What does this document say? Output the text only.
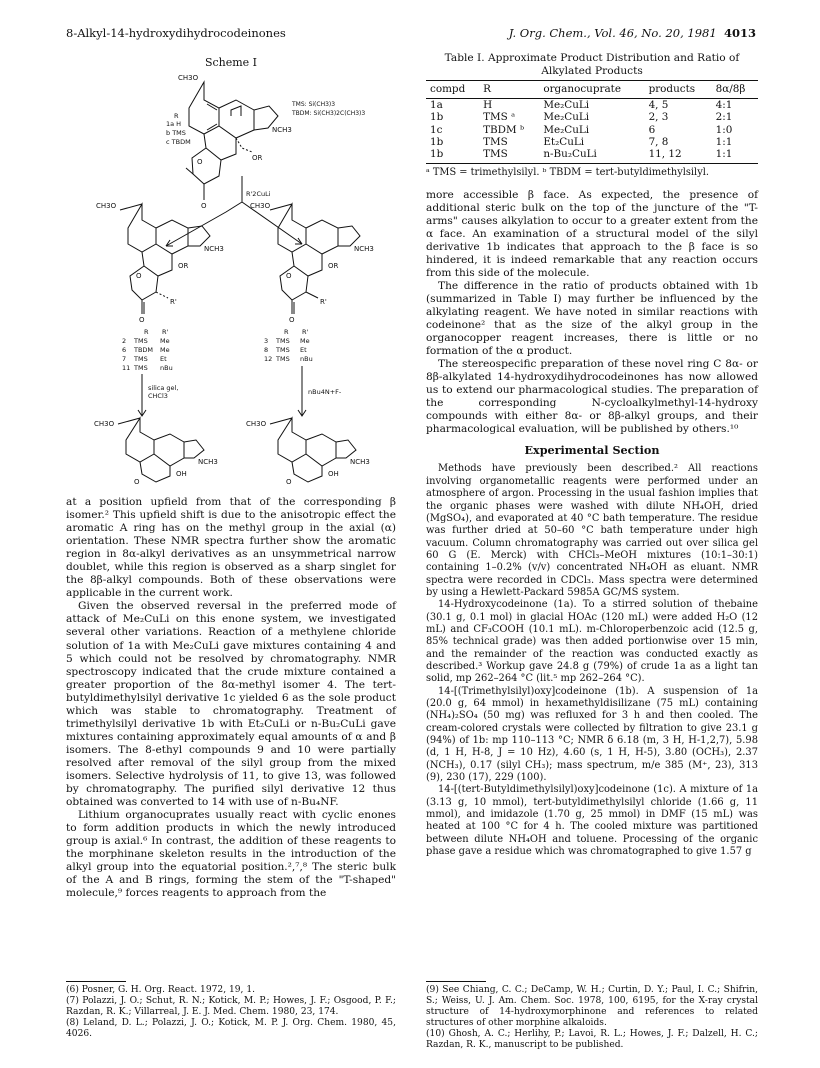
8-Alkyl-14-hydroxydihydrocodeinones	J. Org. Chem., Vol. 46, No. 20, 1981 4013
Scheme I
CH3O
R
1a H
b TMS
c TBDM
O
NCH3
OR
O
TMS: Si(CH3)3
TBDM: Si(CH3)2C(CH3)3
R'2CuLi
CH3O
O
NCH3
OR
O
R'
R R'
2 TMS Me
6 TBDM Me
7 TMS Et
11 TMS nBu
CH3O
O
NCH3
OR
O
R'
R R'
3 TMS Me
8 TMS Et
12 TMS nBu
silica gel,
CHCl3	nBu4N+F-
CH3O
O
NCH3
OH
CH3O
O
NCH3
OH

at a position upfield from that of the corresponding β isomer.² This upfield shift is due to the anisotropic effect the aromatic A ring has on the methyl group in the axial (α) orientation. These NMR spectra further show the aromatic region in 8α-alkyl derivatives as an unsymmetrical narrow doublet, while this region is observed as a sharp singlet for the 8β-alkyl compounds. Both of these observations were applicable in the current work.

Given the observed reversal in the preferred mode of attack of Me₂CuLi on this enone system, we investigated several other variations. Reaction of a methylene chloride solution of 1a with Me₂CuLi gave mixtures containing 4 and 5 which could not be resolved by chromatography. NMR spectroscopy indicated that the crude mixture contained a greater proportion of the 8α-methyl isomer 4. The tert-butyldimethylsilyl derivative 1c yielded 6 as the sole product which was stable to chromatography. Treatment of trimethylsilyl derivative 1b with Et₂CuLi or n-Bu₂CuLi gave mixtures containing approximately equal amounts of α and β isomers. The 8-ethyl compounds 9 and 10 were partially resolved after removal of the silyl group from the mixed isomers. Selective hydrolysis of 11, to give 13, was followed by chromatography. The purified silyl derivative 12 thus obtained was converted to 14 with use of n-Bu₄NF.

Lithium organocuprates usually react with cyclic enones to form addition products in which the newly introduced group is axial.⁶ In contrast, the addition of these reagents to the morphinane skeleton results in the introduction of the alkyl group into the equatorial position.²,⁷,⁸ The steric bulk of the A and B rings, forming the stem of the "T-shaped" molecule,⁹ forces reagents to approach from the

(6) Posner, G. H. Org. React. 1972, 19, 1.

(7) Polazzi, J. O.; Schut, R. N.; Kotick, M. P.; Howes, J. F.; Osgood, P. F.; Razdan, R. K.; Villarreal, J. E. J. Med. Chem. 1980, 23, 174.

(8) Leland, D. L.; Polazzi, J. O.; Kotick, M. P. J. Org. Chem. 1980, 45, 4026.

Table I. Approximate Product Distribution and Ratio of Alkylated Products
compd	R	organocuprate	products	8α/8β
1a	H	Me₂CuLi	4, 5	4:1
1b	TMS ᵃ	Me₂CuLi	2, 3	2:1
1c	TBDM ᵇ	Me₂CuLi	6	1:0
1b	TMS	Et₂CuLi	7, 8	1:1
1b	TMS	n-Bu₂CuLi	11, 12	1:1
ᵃ TMS = trimethylsilyl. ᵇ TBDM = tert-butyldimethylsilyl.

more accessible β face. As expected, the presence of additional steric bulk on the top of the juncture of the "T-arms" causes alkylation to occur to a greater extent from the α face. An examination of a structural model of the silyl derivative 1b indicates that approach to the β face is so hindered, it is indeed remarkable that any reaction occurs from this side of the molecule.

The difference in the ratio of products obtained with 1b (summarized in Table I) may further be influenced by the alkylating reagent. We have noted in similar reactions with codeinone² that as the size of the alkyl group in the organocopper reagent increases, there is little or no formation of the α product.

The stereospecific preparation of these novel ring C 8α- or 8β-alkylated 14-hydroxydihydrocodeinones has now allowed us to extend our pharmacological studies. The preparation of the corresponding N-cycloalkylmethyl-14-hydroxy compounds with either 8α- or 8β-alkyl groups, and their pharmacological evaluation, will be published by others.¹⁰

Experimental Section

Methods have previously been described.² All reactions involving organometallic reagents were performed under an atmosphere of argon. Processing in the usual fashion implies that the organic phases were washed with dilute NH₄OH, dried (MgSO₄), and evaporated at 40 °C bath temperature. The residue was further dried at 50–60 °C bath temperature under high vacuum. Column chromatography was carried out over silica gel 60 G (E. Merck) with CHCl₃–MeOH mixtures (10:1–30:1) containing 1–0.2% (v/v) concentrated NH₄OH as eluant. NMR spectra were recorded in CDCl₃. Mass spectra were determined by using a Hewlett-Packard 5985A GC/MS system.

14-Hydroxycodeinone (1a). To a stirred solution of thebaine (30.1 g, 0.1 mol) in glacial HOAc (120 mL) were added H₂O (12 mL) and CF₃COOH (10.1 mL). m-Chloroperbenzoic acid (12.5 g, 85% technical grade) was then added portionwise over 15 min, and the remainder of the reaction was conducted exactly as described.³ Workup gave 24.8 g (79%) of crude 1a as a light tan solid, mp 262–264 °C (lit.⁵ mp 262–264 °C).

14-[(Trimethylsilyl)oxy]codeinone (1b). A suspension of 1a (20.0 g, 64 mmol) in hexamethyldisilizane (75 mL) containing (NH₄)₂SO₄ (50 mg) was refluxed for 3 h and then cooled. The cream-colored crystals were collected by filtration to give 23.1 g (94%) of 1b: mp 110–113 °C; NMR δ 6.18 (m, 3 H, H-1,2,7), 5.98 (d, 1 H, H-8, J = 10 Hz), 4.60 (s, 1 H, H-5), 3.80 (OCH₃), 2.37 (NCH₃), 0.17 (silyl CH₃); mass spectrum, m/e 385 (M⁺, 23), 313 (9), 230 (17), 229 (100).

14-[(tert-Butyldimethylsilyl)oxy]codeinone (1c). A mixture of 1a (3.13 g, 10 mmol), tert-butyldimethylsilyl chloride (1.66 g, 11 mmol), and imidazole (1.70 g, 25 mmol) in DMF (15 mL) was heated at 100 °C for 4 h. The cooled mixture was partitioned between dilute NH₄OH and toluene. Processing of the organic phase gave a residue which was chromatographed to give 1.57 g

(9) See Chiang, C. C.; DeCamp, W. H.; Curtin, D. Y.; Paul, I. C.; Shifrin, S.; Weiss, U. J. Am. Chem. Soc. 1978, 100, 6195, for the X-ray crystal structure of 14-hydroxymorphinone and references to related structures of other morphine alkaloids.

(10) Ghosh, A. C.; Herlihy, P.; Lavoi, R. L.; Howes, J. F.; Dalzell, H. C.; Razdan, R. K., manuscript to be published.
